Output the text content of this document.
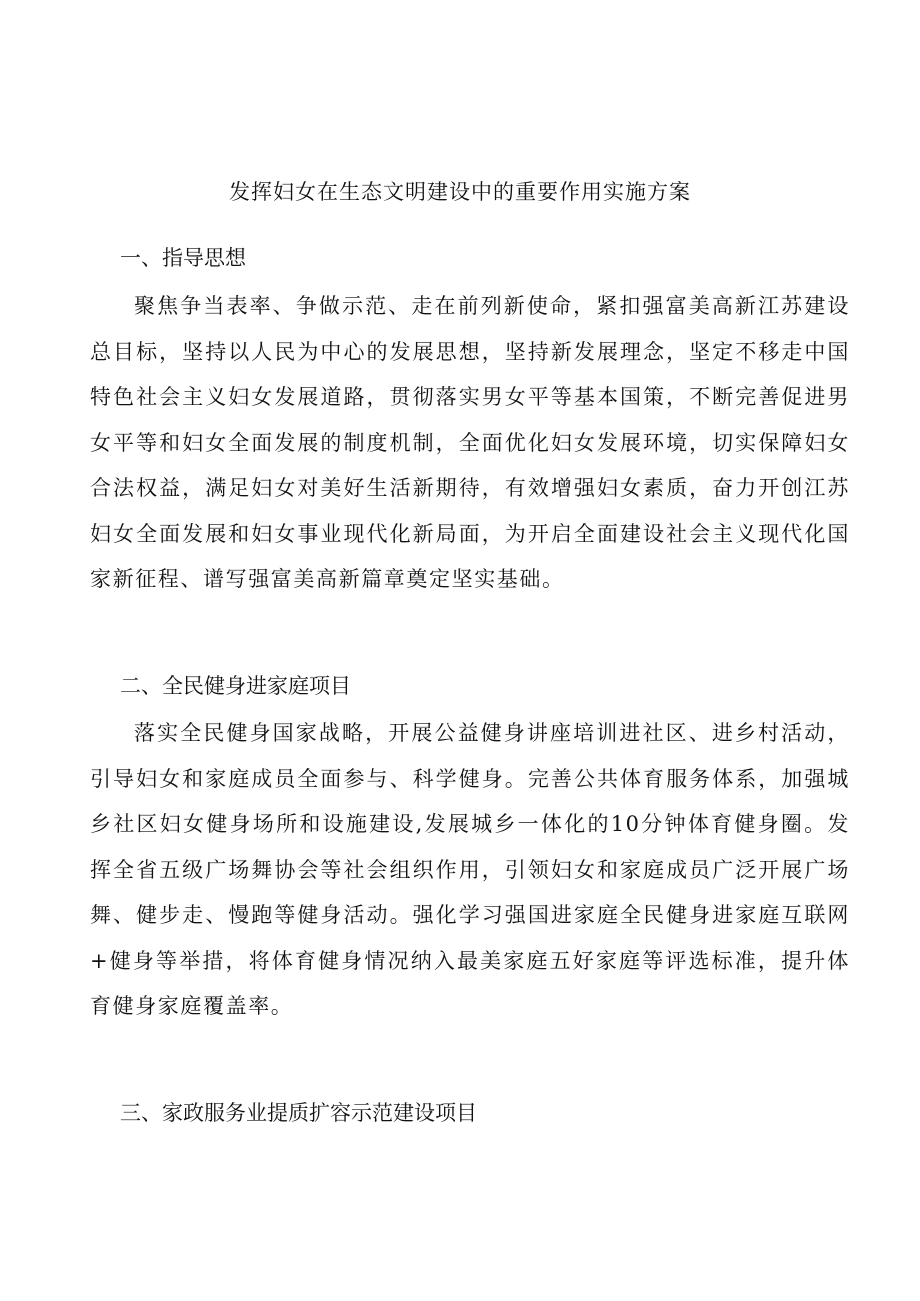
发挥妇女在生态文明建设中的重要作用实施方案
一、指导思想

聚焦争当表率、争做示范、走在前列新使命，紧扣强富美高新江苏建设总目标，坚持以人民为中心的发展思想，坚持新发展理念，坚定不移走中国特色社会主义妇女发展道路，贯彻落实男女平等基本国策，不断完善促进男女平等和妇女全面发展的制度机制，全面优化妇女发展环境，切实保障妇女合法权益，满足妇女对美好生活新期待，有效增强妇女素质，奋力开创江苏妇女全面发展和妇女事业现代化新局面，为开启全面建设社会主义现代化国家新征程、谱写强富美高新篇章奠定坚实基础。

二、全民健身进家庭项目

落实全民健身国家战略，开展公益健身讲座培训进社区、进乡村活动，引导妇女和家庭成员全面参与、科学健身。完善公共体育服务体系，加强城乡社区妇女健身场所和设施建设,发展城乡一体化的10分钟体育健身圈。发挥全省五级广场舞协会等社会组织作用，引领妇女和家庭成员广泛开展广场舞、健步走、慢跑等健身活动。强化学习强国进家庭全民健身进家庭互联网+健身等举措，将体育健身情况纳入最美家庭五好家庭等评选标准，提升体育健身家庭覆盖率。

三、家政服务业提质扩容示范建设项目
